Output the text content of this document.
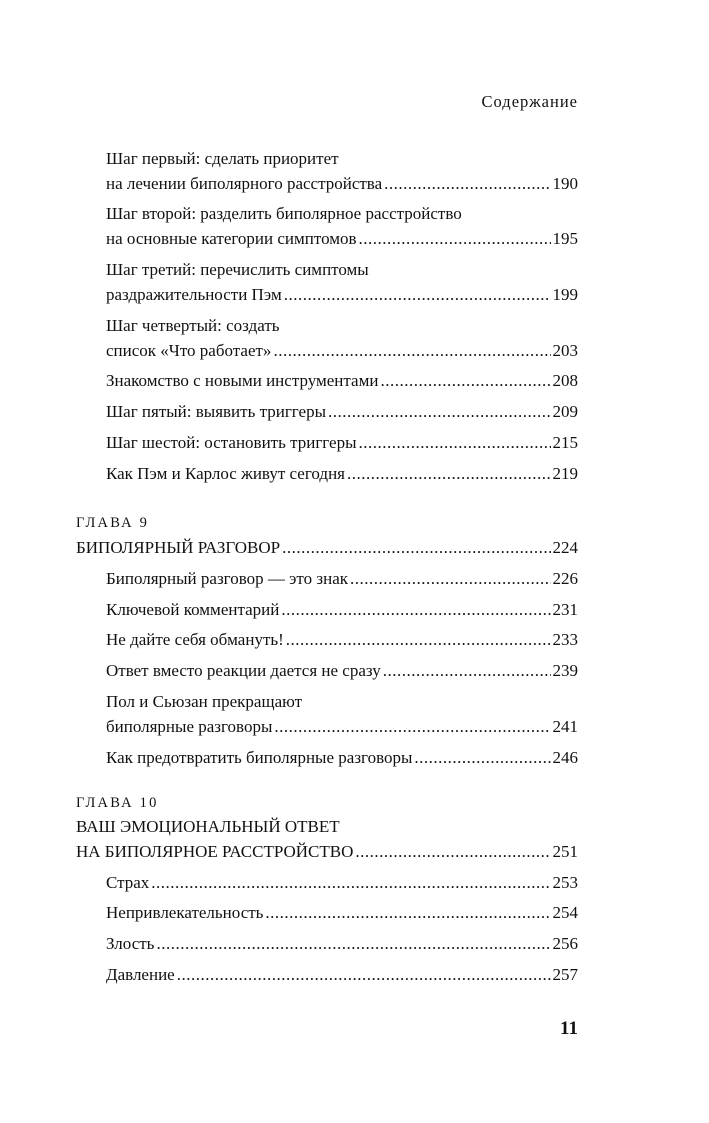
Содержание
Шаг первый: сделать приоритет
на лечении биполярного расстройства .....	190
Шаг второй: разделить биполярное расстройство
на основные категории симптомов .....	195
Шаг третий: перечислить симптомы
раздражительности Пэм .....	199
Шаг четвертый: создать
список «Что работает» .....	203
Знакомство с новыми инструментами .....	208
Шаг пятый: выявить триггеры .....	209
Шаг шестой: остановить триггеры .....	215
Как Пэм и Карлос живут сегодня .....	219
ГЛАВА 9
БИПОЛЯРНЫЙ РАЗГОВОР .....	224
Биполярный разговор — это знак .....	226
Ключевой комментарий .....	231
Не дайте себя обмануть! .....	233
Ответ вместо реакции дается не сразу .....	239
Пол и Сьюзан прекращают
биполярные разговоры .....	241
Как предотвратить биполярные разговоры .....	246
ГЛАВА 10
ВАШ ЭМОЦИОНАЛЬНЫЙ ОТВЕТ
НА БИПОЛЯРНОЕ РАССТРОЙСТВО .....	251
Страх .....	253
Непривлекательность .....	254
Злость .....	256
Давление .....	257
11
